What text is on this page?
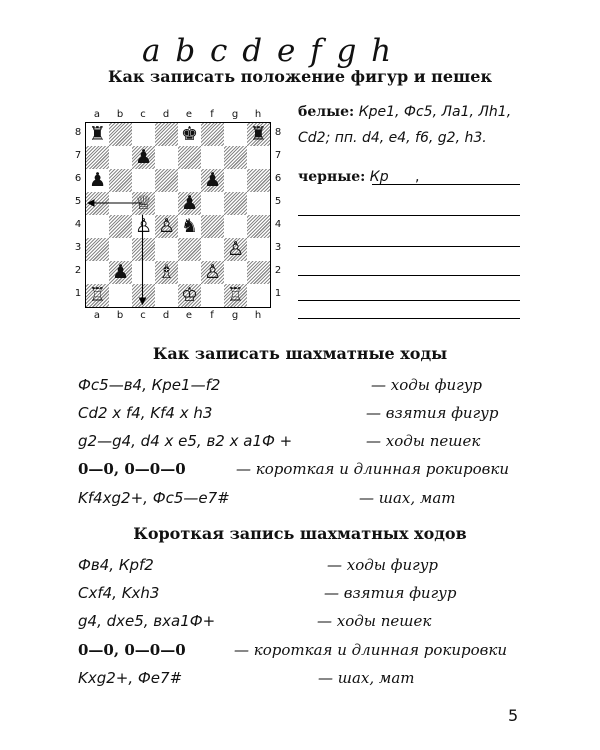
a b c d e f g h
Как записать положение фигур и пешек
♜	♚	♜
♟
♟	♟
♕ ♟
♙ ♙ ♞
♙
♟ ♗ ♙
♖	♔ ♖
a
a
b
b
c
c
d
d
e
e
f
f
g
g
h
h
8	8
7	7
6	6
5	5
4	4
3	3
2	2
1	1
белые: Кре1, Фс5, Ла1, Лh1,
Cd2; пп. d4, e4, f6, g2, h3.
черные: Кр ,
Как записать шахматные ходы
Фс5—в4, Кре1—f2	— ходы фигур
Cd2 x f4, Kf4 x h3	— взятия фигур
g2—g4, d4 x e5, в2 x а1Ф +	— ходы пешек
0—0, 0—0—0	— короткая и длинная рокировки
Kf4xg2+, Фс5—е7#	— шах, мат
Короткая запись шахматных ходов
Фв4, Крf2	— ходы фигур
Cxf4, Kxh3	— взятия фигур
g4, dxe5, вxа1Ф+	— ходы пешек
0—0, 0—0—0	— короткая и длинная рокировки
Kxg2+, Фе7#	— шах, мат
5
